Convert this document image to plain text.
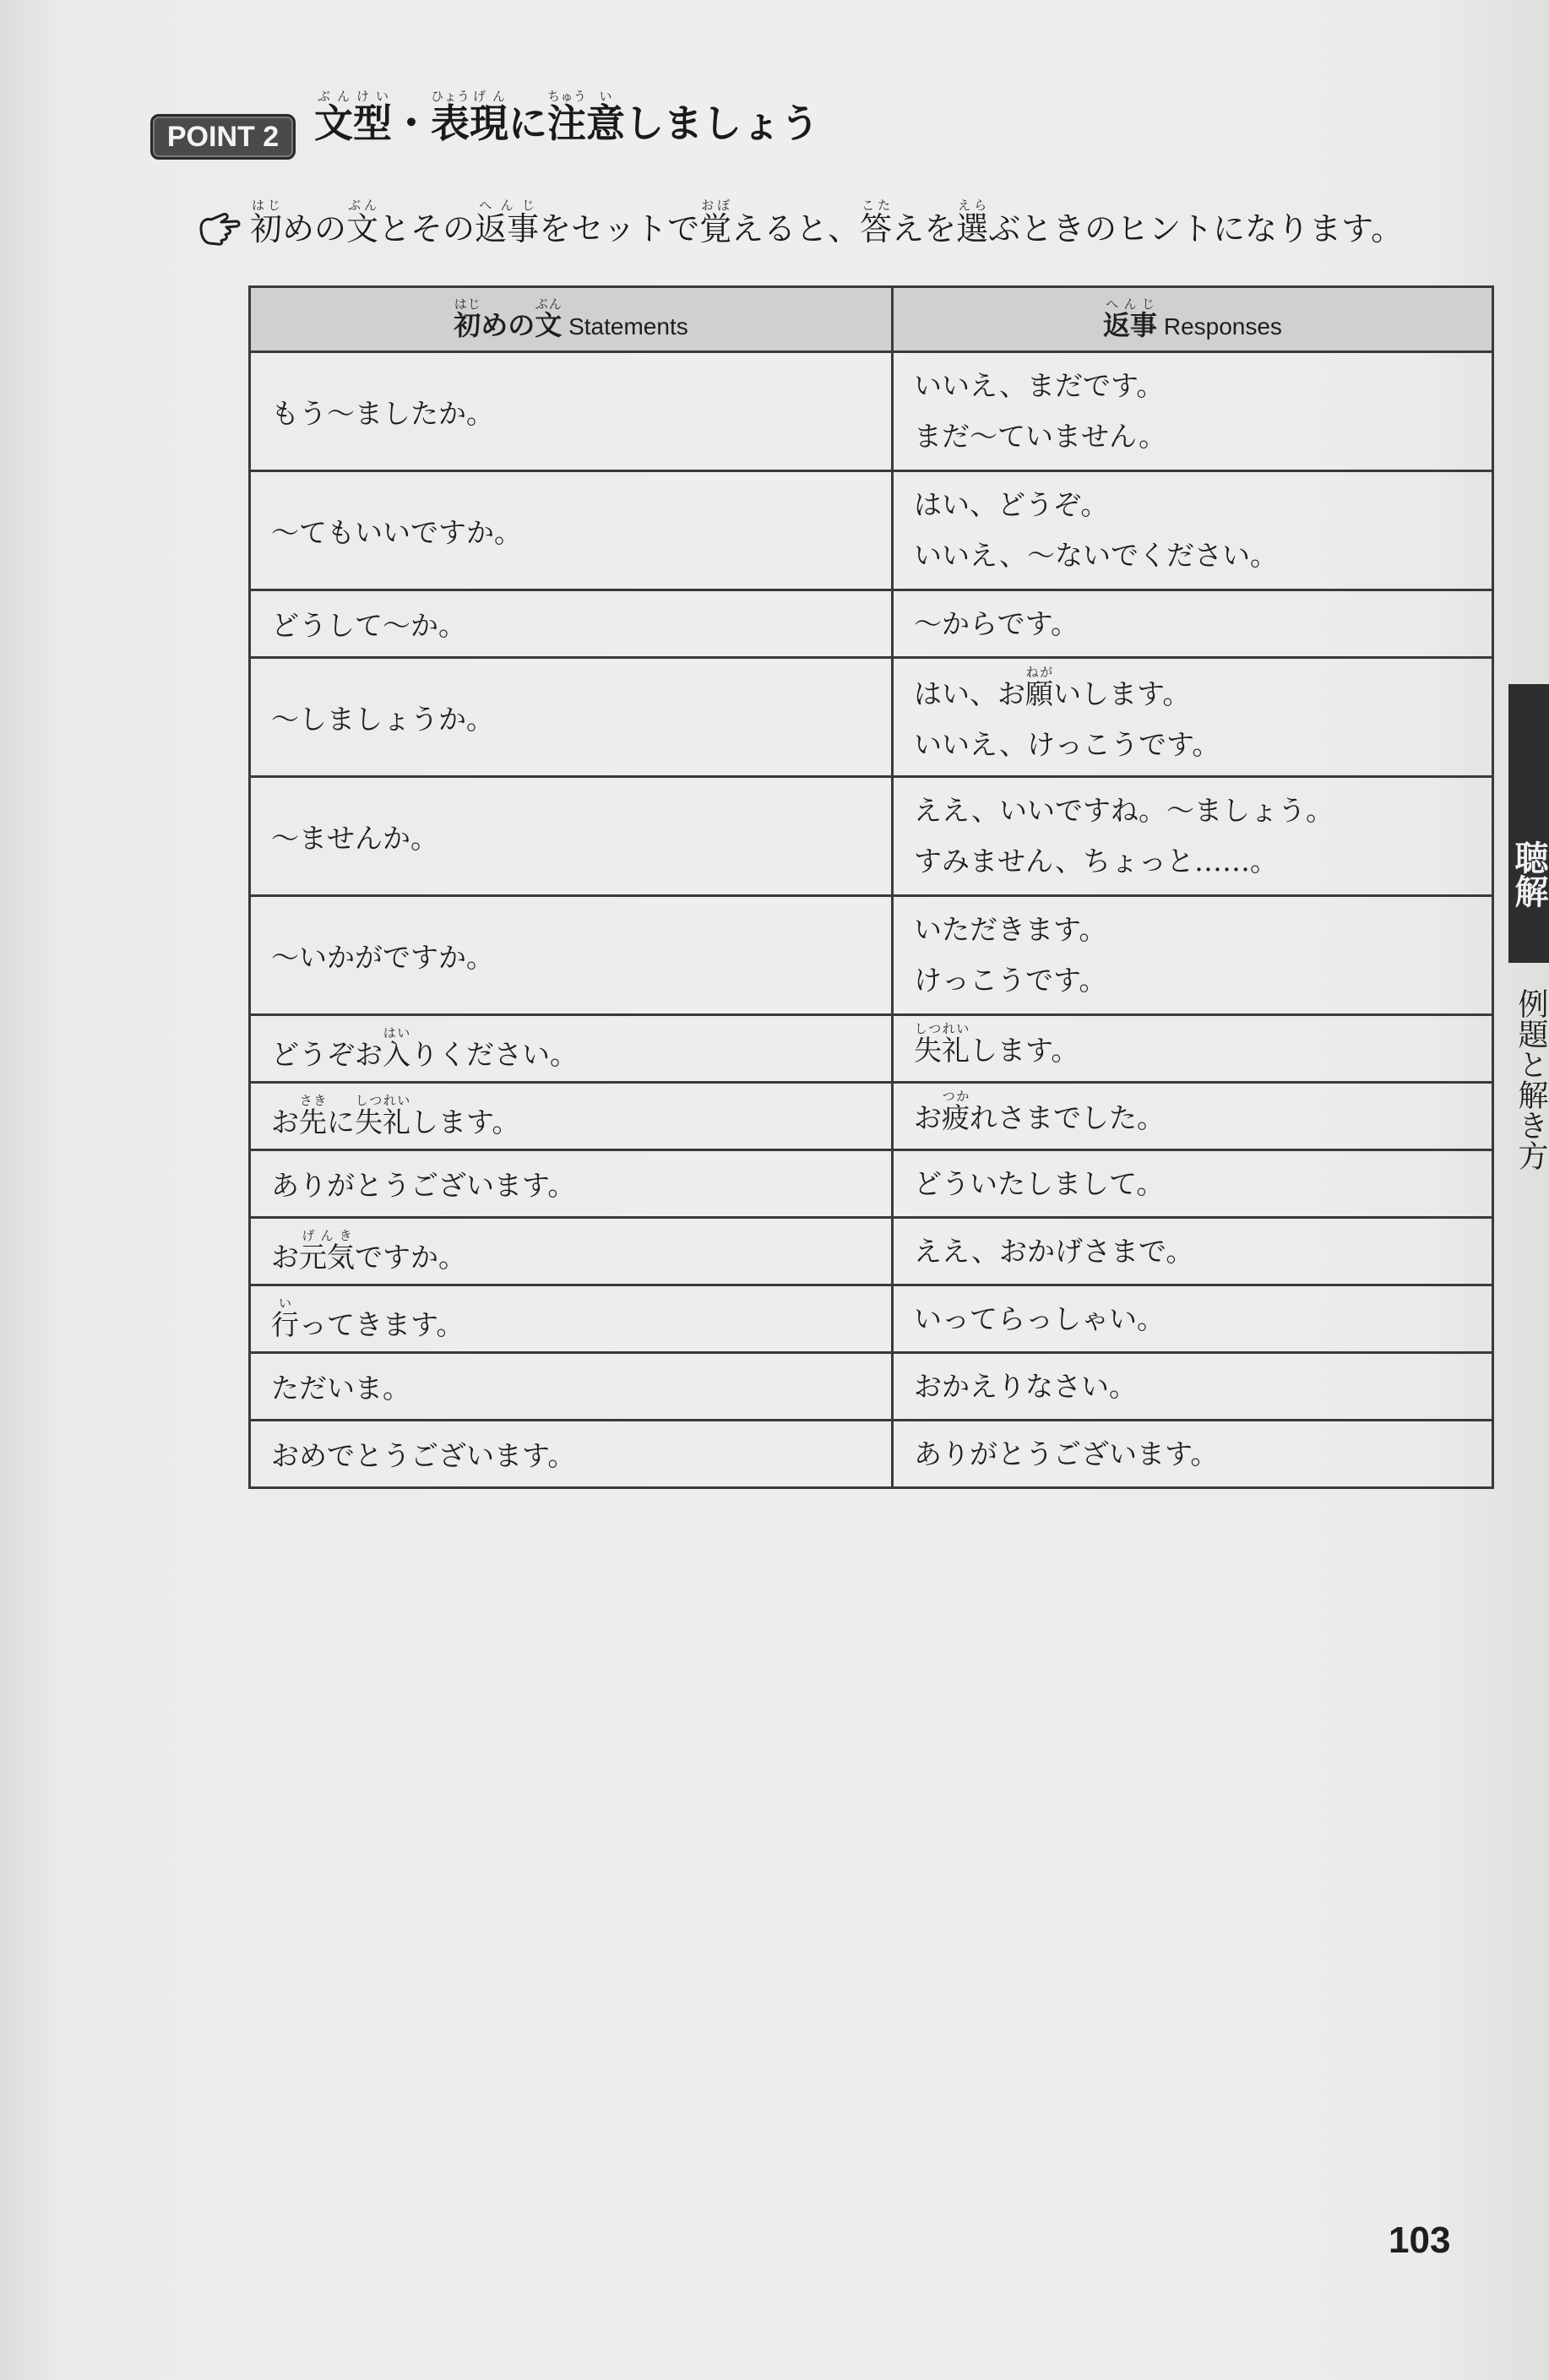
POINT 2 文ぶん型けい・表ひょう現げんに注ちゅう意いしましょう
初はじめの文ぶんとその返事へんじをセットで覚おぼえると、答こたえを選えらぶときのヒントになります。
初はじめの文ぶん Statements	返事へんじ Responses
もう〜ましたか。	いいえ、まだです。
まだ〜ていません。

〜てもいいですか。	はい、どうぞ。
いいえ、〜ないでください。

どうして〜か。	〜からです。

〜しましょうか。	はい、お願ねがいします。
いいえ、けっこうです。

〜ませんか。	ええ、いいですね。〜ましょう。
すみません、ちょっと……。

〜いかがですか。	いただきます。
けっこうです。

どうぞお入はいりください。	失礼しつれいします。

お先さきに失礼しつれいします。	お疲つかれさまでした。

ありがとうございます。	どういたしまして。

お元気げんきですか。	ええ、おかげさまで。

行いってきます。	いってらっしゃい。

ただいま。	おかえりなさい。

おめでとうございます。	ありがとうございます。
聴解
例題と解き方
103
